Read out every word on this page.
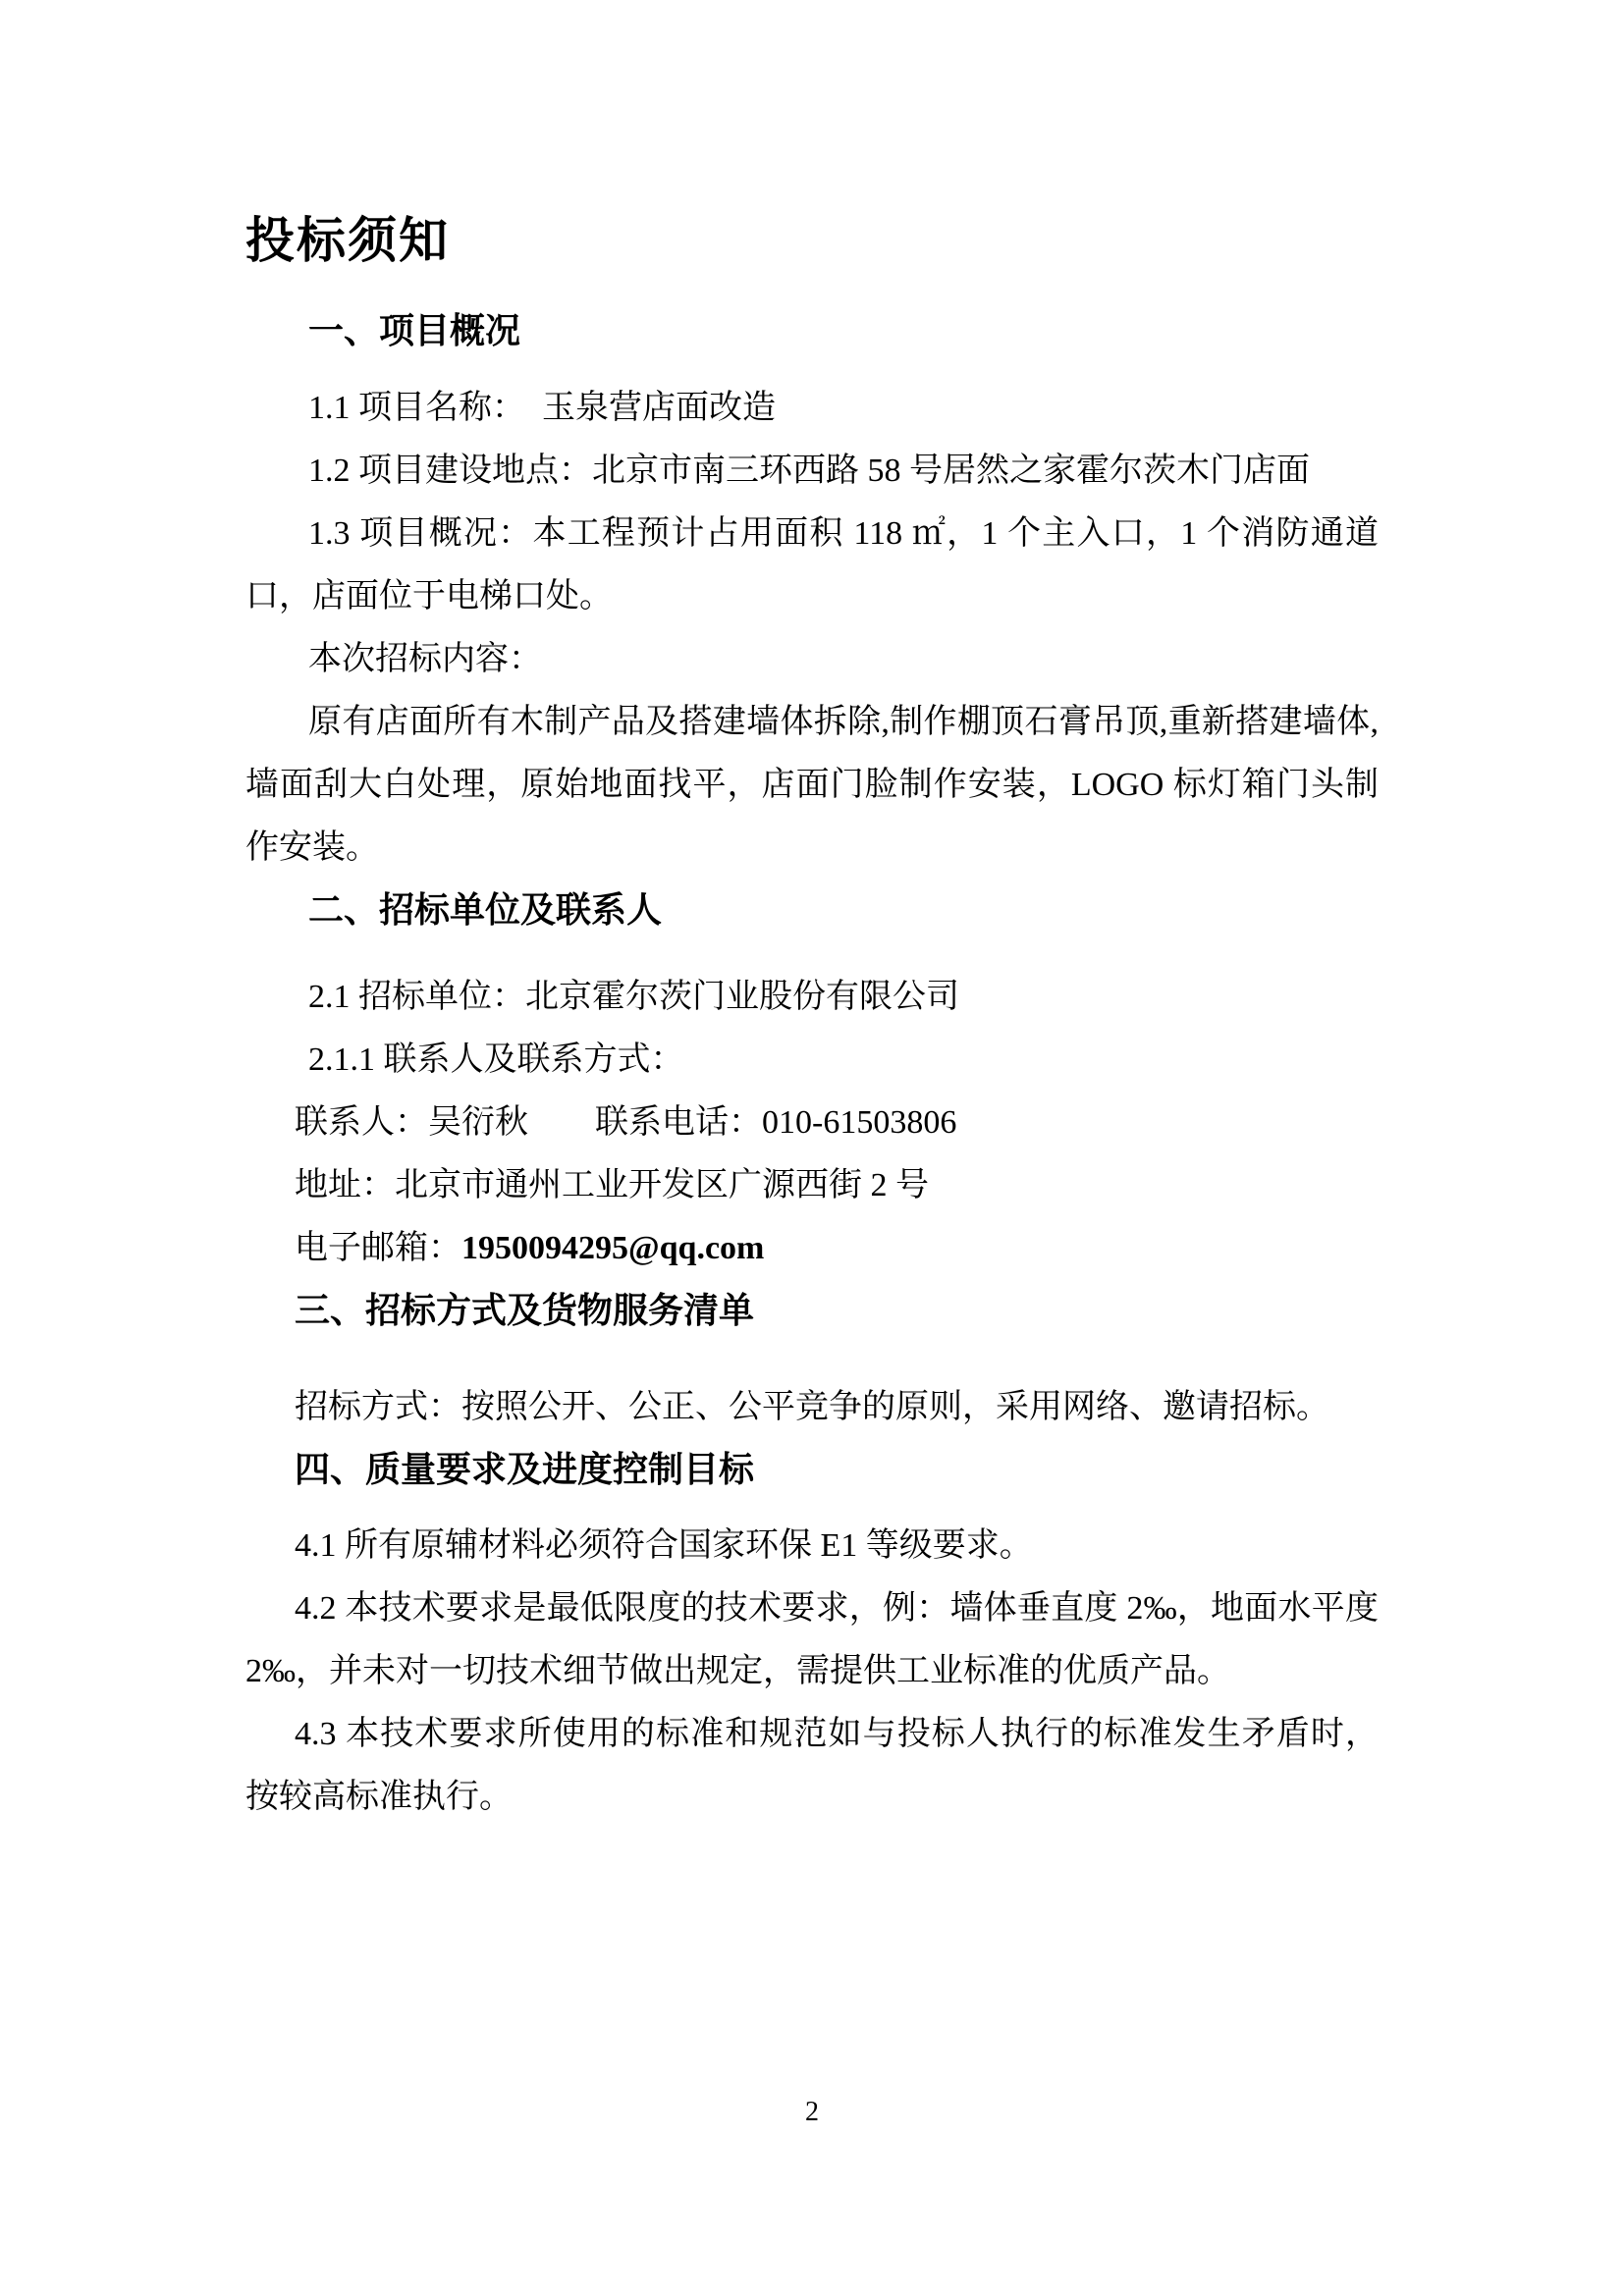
投标须知
一、项目概况

1.1 项目名称：　玉泉营店面改造

1.2 项目建设地点：北京市南三环西路 58 号居然之家霍尔茨木门店面

1.3 项目概况：本工程预计占用面积 118 ㎡，1 个主入口，1 个消防通道口，店面位于电梯口处。

本次招标内容：

原有店面所有木制产品及搭建墙体拆除,制作棚顶石膏吊顶,重新搭建墙体,墙面刮大白处理，原始地面找平，店面门脸制作安装，LOGO 标灯箱门头制作安装。

二、招标单位及联系人

2.1 招标单位：北京霍尔茨门业股份有限公司

2.1.1 联系人及联系方式：

联系人：吴衍秋　　联系电话：010-61503806

地址：北京市通州工业开发区广源西街 2 号

电子邮箱：1950094295@qq.com

三、招标方式及货物服务清单

招标方式：按照公开、公正、公平竞争的原则，采用网络、邀请招标。

四、质量要求及进度控制目标

4.1 所有原辅材料必须符合国家环保 E1 等级要求。

4.2 本技术要求是最低限度的技术要求，例：墙体垂直度 2‰，地面水平度 2‰，并未对一切技术细节做出规定，需提供工业标准的优质产品。

4.3 本技术要求所使用的标准和规范如与投标人执行的标准发生矛盾时，按较高标准执行。

2
